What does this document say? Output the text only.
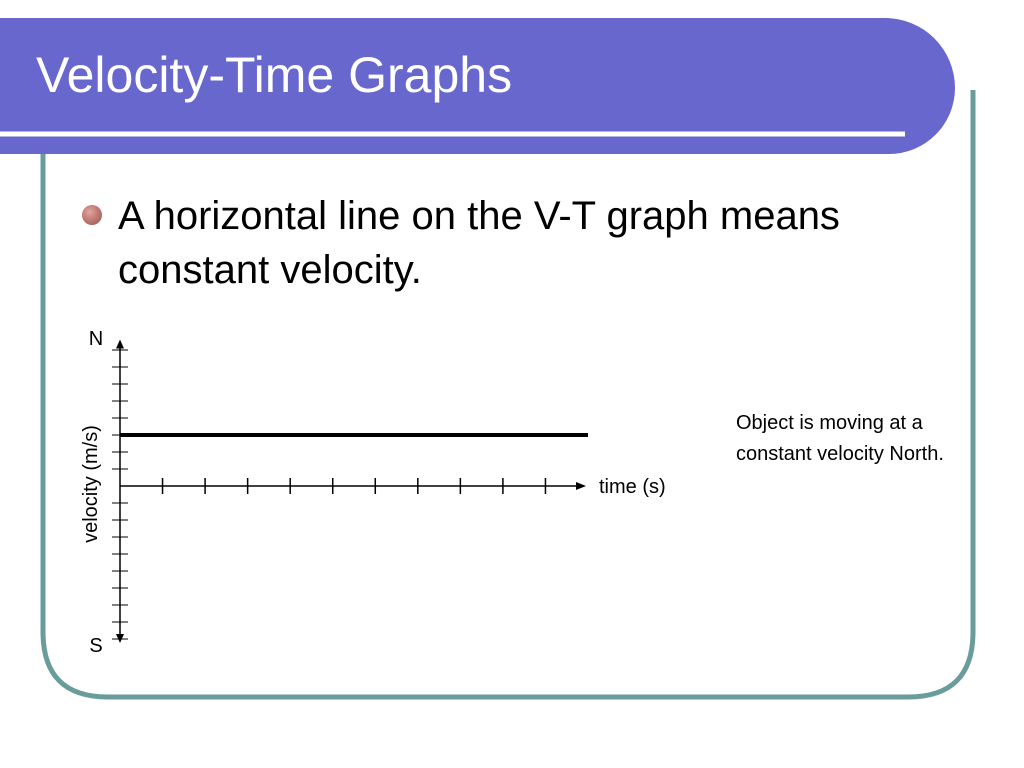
Velocity-Time Graphs
A horizontal line on the V-T graph means constant velocity.
N
S
time (s)
velocity (m/s)
Object is moving at a constant velocity North.
